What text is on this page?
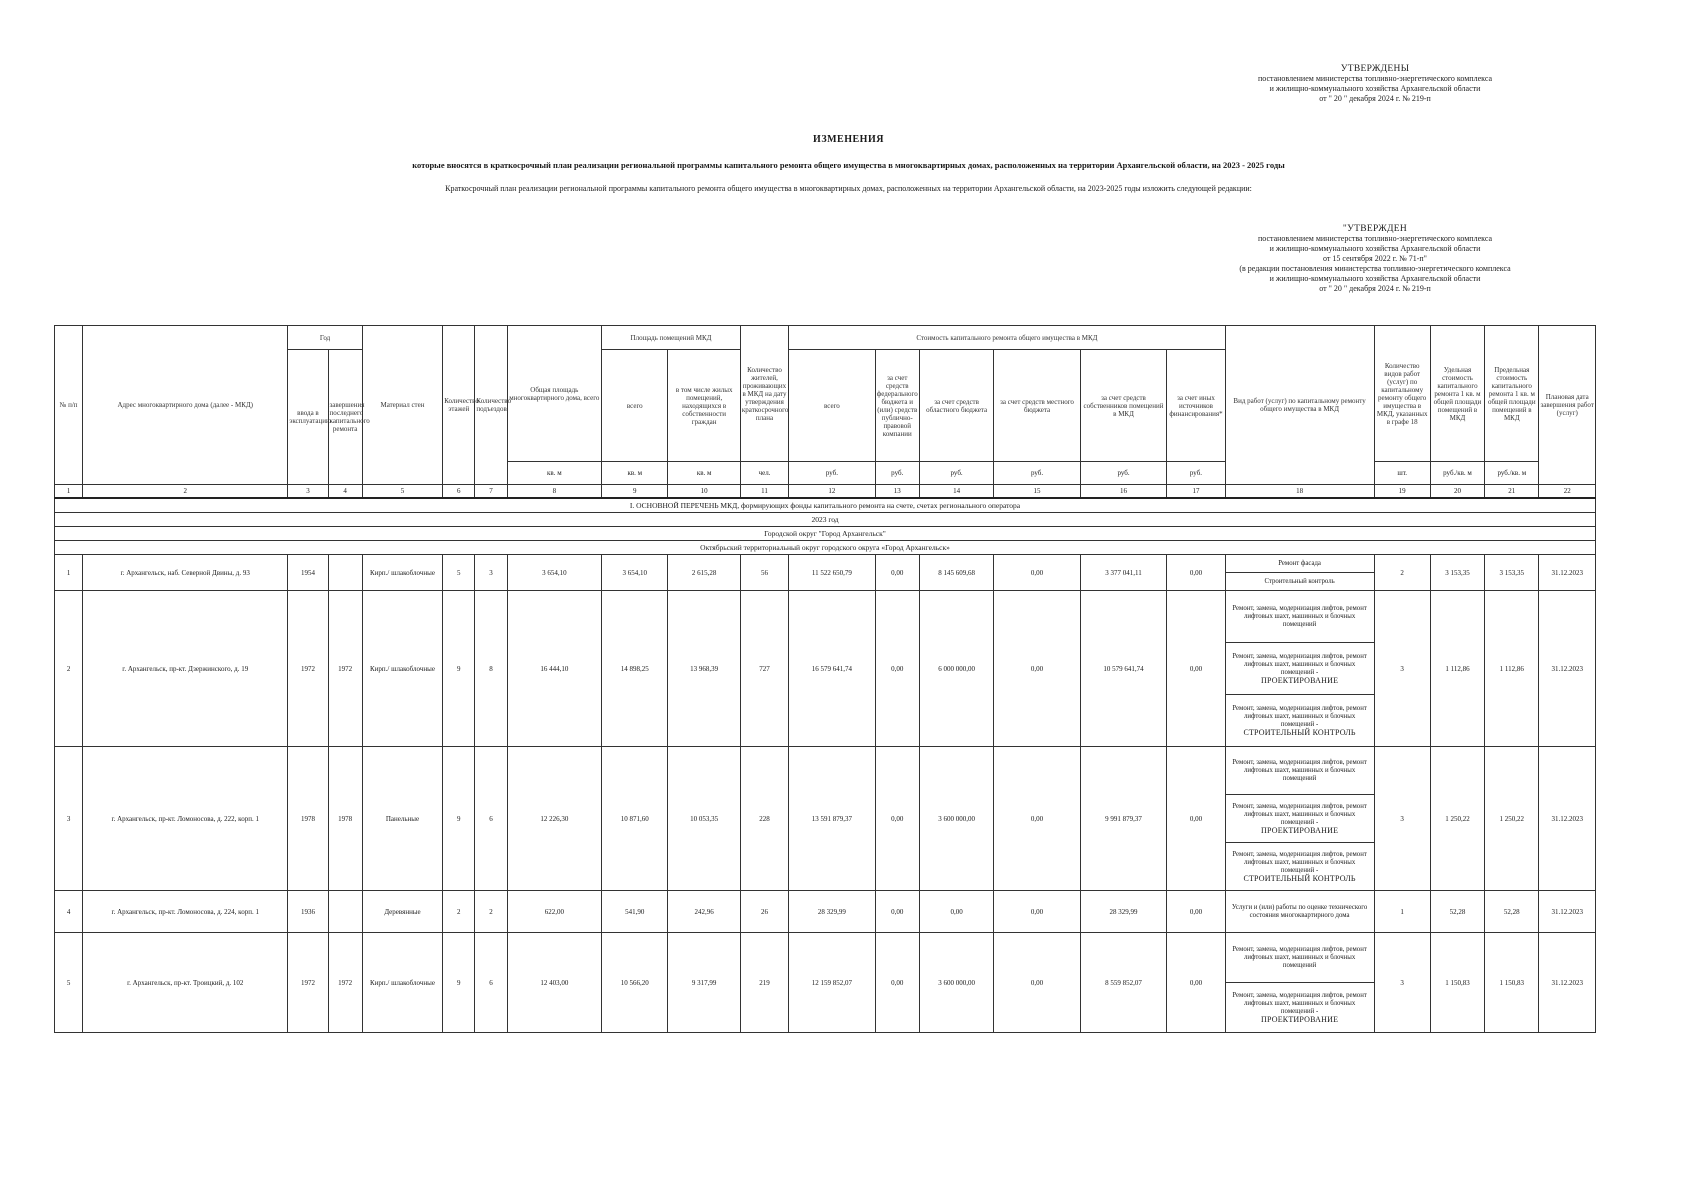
УТВЕРЖДЕНЫ
постановлением министерства топливно-энергетического комплекса
и жилищно-коммунального хозяйства Архангельской области
от " 20 " декабря 2024 г. № 219-п
ИЗМЕНЕНИЯ
которые вносятся в краткосрочный план реализации региональной программы капитального ремонта общего имущества в многоквартирных домах, расположенных на территории Архангельской области, на 2023 - 2025 годы
Краткосрочный план реализации региональной программы капитального ремонта общего имущества в многоквартирных домах, расположенных на территории Архангельской области, на 2023-2025 годы изложить следующей редакции:
"УТВЕРЖДЕН
постановлением министерства топливно-энергетического комплекса
и жилищно-коммунального хозяйства Архангельской области
от 15 сентября 2022 г. № 71-п"
(в редакции постановления министерства топливно-энергетического комплекса
и жилищно-коммунального хозяйства Архангельской области
от " 20 " декабря 2024 г. № 219-п
№ п/п	Адрес многоквартирного дома (далее - МКД)	Год		Материал стен	Количество этажей	Количество подъездов	Общая площадь многоквартирного дома, всего	Площадь помещений МКД		Количество жителей, проживающих в МКД на дату утверждения краткосрочного плана	Стоимость капитального ремонта общего имущества в МКД						Вид работ (услуг) по капитальному ремонту общего имущества в МКД	Количество видов работ (услуг) по капитальному ремонту общего имущества в МКД, указанных в графе 18	Удельная стоимость капитального ремонта 1 кв. м общей площади помещений в МКД	Предельная стоимость капитального ремонта 1 кв. м общей площади помещений в МКД	Плановая дата завершения работ (услуг)
		ввода в эксплуатацию	завершения последнего капитального ремонта					всего	в том числе жилых помещений, находящихся в собственности граждан		всего	за счет средств федерального бюджета и (или) средств публично-правовой компании	за счет средств областного бюджета	за счет средств местного бюджета	за счет средств собственников помещений в МКД	за счет иных источников финансирования*					
							кв. м	кв. м	кв. м	чел.	руб.	руб.	руб.	руб.	руб.	руб.		шт.	руб./кв. м	руб./кв. м	
1	2	3	4	5	6	7	8	9	10	11	12	13	14	15	16	17	18	19	20	21	22
I. ОСНОВНОЙ ПЕРЕЧЕНЬ МКД, формирующих фонды капитального ремонта на счете, счетах регионального оператора																					
2023 год																					
Городской округ "Город Архангельск"																					
Октябрьский территориальный округ городского округа «Город Архангельск»																					
1	г. Архангельск, наб. Северной Двины, д. 93	1954		Кирп./ шлакоблочные	5	3	3 654,10	3 654,10	2 615,28	56	11 522 650,79	0,00	8 145 609,68	0,00	3 377 041,11	0,00	Ремонт фасада	2	3 153,35	3 153,35	31.12.2023

																	Строительный контроль				

2	г. Архангельск, пр-кт. Дзержинского, д. 19	1972	1972	Кирп./ шлакоблочные	9	8	16 444,10	14 898,25	13 968,39	727	16 579 641,74	0,00	6 000 000,00	0,00	10 579 641,74	0,00	Ремонт, замена, модернизация лифтов, ремонт лифтовых шахт, машинных и блочных помещений	3	1 112,86	1 112,86	31.12.2023

																	Ремонт, замена, модернизация лифтов, ремонт лифтовых шахт, машинных и блочных помещений -
ПРОЕКТИРОВАНИЕ				

																	Ремонт, замена, модернизация лифтов, ремонт лифтовых шахт, машинных и блочных помещений -
СТРОИТЕЛЬНЫЙ КОНТРОЛЬ				

3	г. Архангельск, пр-кт. Ломоносова, д. 222, корп. 1	1978	1978	Панельные	9	6	12 226,30	10 871,60	10 053,35	228	13 591 879,37	0,00	3 600 000,00	0,00	9 991 879,37	0,00	Ремонт, замена, модернизация лифтов, ремонт лифтовых шахт, машинных и блочных помещений	3	1 250,22	1 250,22	31.12.2023

																	Ремонт, замена, модернизация лифтов, ремонт лифтовых шахт, машинных и блочных помещений -
ПРОЕКТИРОВАНИЕ				

																	Ремонт, замена, модернизация лифтов, ремонт лифтовых шахт, машинных и блочных помещений -
СТРОИТЕЛЬНЫЙ КОНТРОЛЬ				

4	г. Архангельск, пр-кт. Ломоносова, д. 224, корп. 1	1936		Деревянные	2	2	622,00	541,90	242,96	26	28 329,99	0,00	0,00	0,00	28 329,99	0,00	Услуги и (или) работы по оценке технического состояния многоквартирного дома	1	52,28	52,28	31.12.2023
5	г. Архангельск, пр-кт. Троицкий, д. 102	1972	1972	Кирп./ шлакоблочные	9	6	12 403,00	10 566,20	9 317,99	219	12 159 852,07	0,00	3 600 000,00	0,00	8 559 852,07	0,00	Ремонт, замена, модернизация лифтов, ремонт лифтовых шахт, машинных и блочных помещений	3	1 150,83	1 150,83	31.12.2023

																	Ремонт, замена, модернизация лифтов, ремонт лифтовых шахт, машинных и блочных помещений -
ПРОЕКТИРОВАНИЕ				
